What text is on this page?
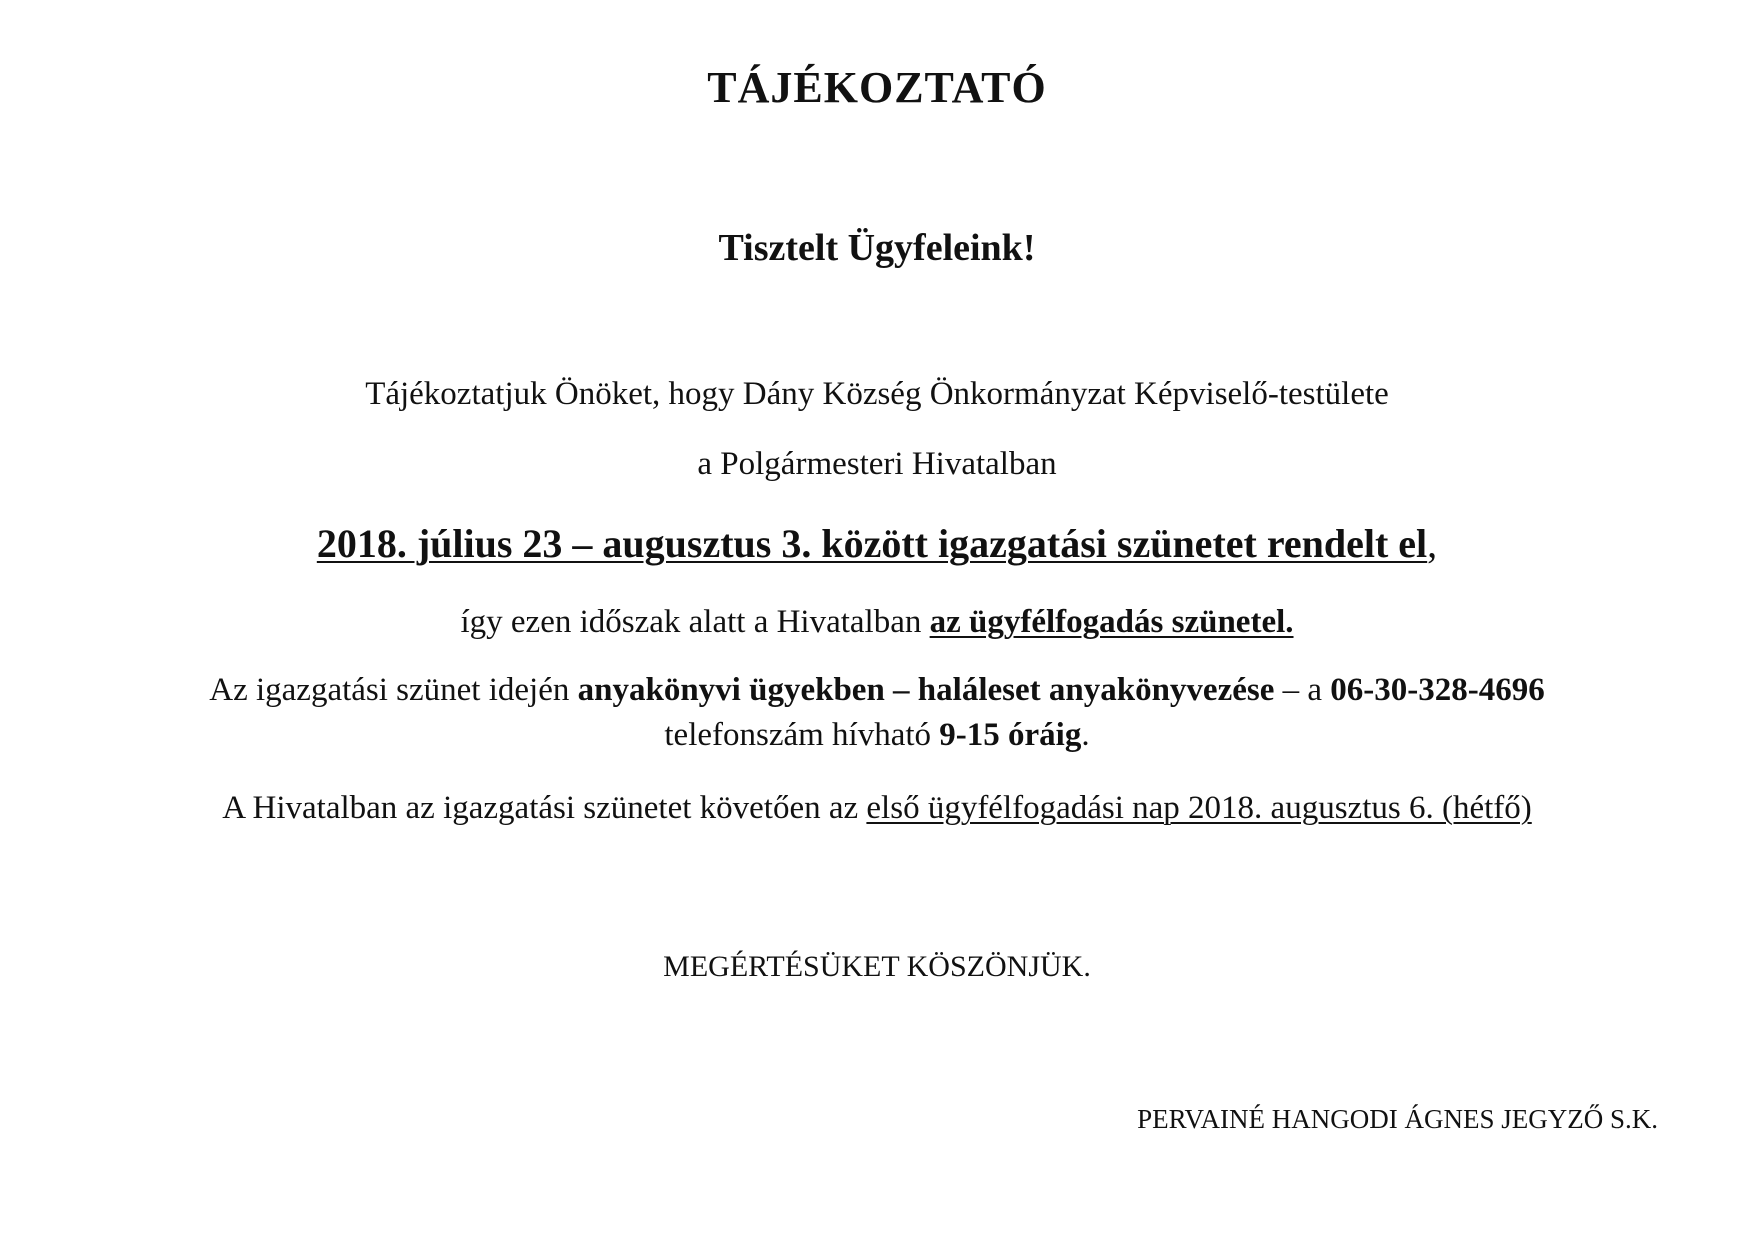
TÁJÉKOZTATÓ
Tisztelt Ügyfeleink!
Tájékoztatjuk Önöket, hogy Dány Község Önkormányzat Képviselő-testülete
a Polgármesteri Hivatalban
2018. július 23 – augusztus 3. között igazgatási szünetet rendelt el,
így ezen időszak alatt a Hivatalban az ügyfélfogadás szünetel.
Az igazgatási szünet idején anyakönyvi ügyekben – haláleset anyakönyvezése – a 06-30-328-4696
telefonszám hívható 9-15 óráig.
A Hivatalban az igazgatási szünetet követően az első ügyfélfogadási nap 2018. augusztus 6. (hétfő)
MEGÉRTÉSÜKET KÖSZÖNJÜK.
PERVAINÉ HANGODI ÁGNES JEGYZŐ S.K.
